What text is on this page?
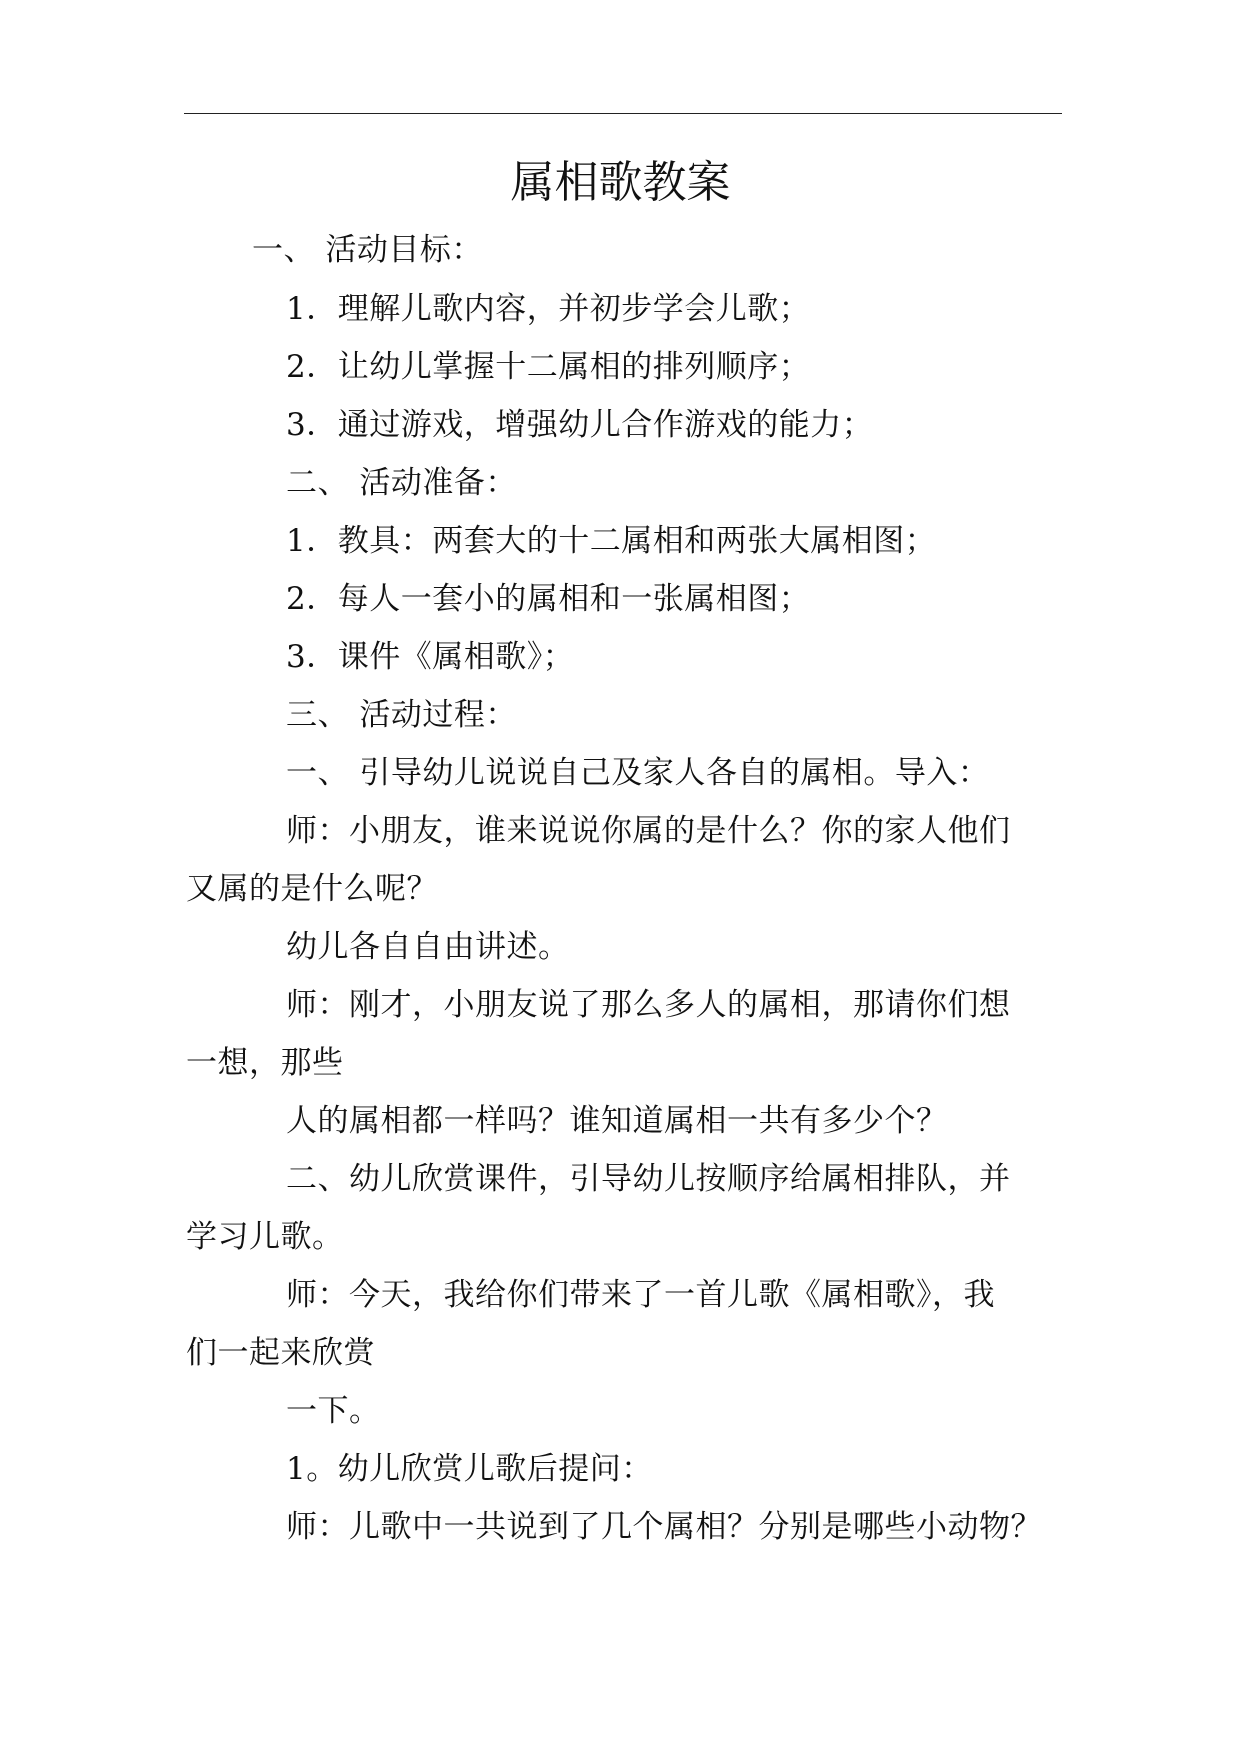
属相歌教案
一、 活动目标：
1．理解儿歌内容，并初步学会儿歌；
2．让幼儿掌握十二属相的排列顺序；
3．通过游戏，增强幼儿合作游戏的能力；
二、 活动准备：
1．教具：两套大的十二属相和两张大属相图；
2．每人一套小的属相和一张属相图；
3．课件《属相歌》；
三、 活动过程：
一、 引导幼儿说说自己及家人各自的属相。导入：
师：小朋友，谁来说说你属的是什么？你的家人他们
又属的是什么呢？
幼儿各自自由讲述。
师：刚才，小朋友说了那么多人的属相，那请你们想
一想，那些
人的属相都一样吗？谁知道属相一共有多少个？
二、幼儿欣赏课件，引导幼儿按顺序给属相排队，并
学习儿歌。
师：今天，我给你们带来了一首儿歌《属相歌》，我
们一起来欣赏
一下。
1。幼儿欣赏儿歌后提问：
师：儿歌中一共说到了几个属相？分别是哪些小动物？
